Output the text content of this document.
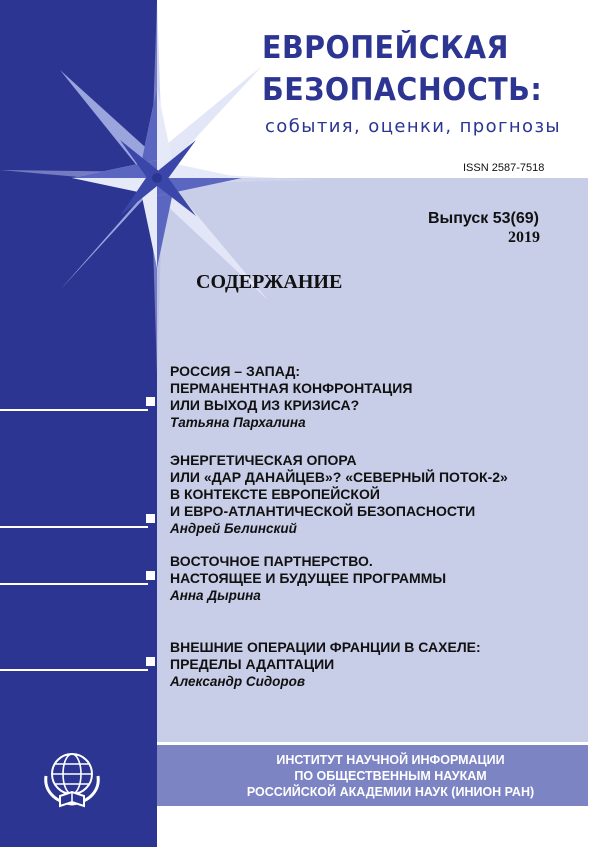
ЕВРОПЕЙСКАЯ
БЕЗОПАСНОСТЬ:
события, оценки, прогнозы
ISSN 2587-7518
Выпуск 53(69)
2019
СОДЕРЖАНИЕ
РОССИЯ – ЗАПАД:
ПЕРМАНЕНТНАЯ КОНФРОНТАЦИЯ
ИЛИ ВЫХОД ИЗ КРИЗИСА?
Татьяна Пархалина
ЭНЕРГЕТИЧЕСКАЯ ОПОРА
ИЛИ «ДАР ДАНАЙЦЕВ»? «СЕВЕРНЫЙ ПОТОК-2»
В КОНТЕКСТЕ ЕВРОПЕЙСКОЙ
И ЕВРО-АТЛАНТИЧЕСКОЙ БЕЗОПАСНОСТИ
Андрей Белинский
ВОСТОЧНОЕ ПАРТНЕРСТВО.
НАСТОЯЩЕЕ И БУДУЩЕЕ ПРОГРАММЫ
Анна Дырина
ВНЕШНИЕ ОПЕРАЦИИ ФРАНЦИИ В САХЕЛЕ:
ПРЕДЕЛЫ АДАПТАЦИИ
Александр Сидоров
ИНСТИТУТ НАУЧНОЙ ИНФОРМАЦИИ
ПО ОБЩЕСТВЕННЫМ НАУКАМ
РОССИЙСКОЙ АКАДЕМИИ НАУК (ИНИОН РАН)
